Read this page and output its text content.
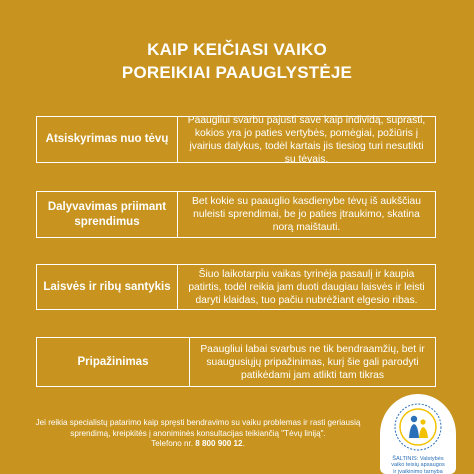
KAIP KEIČIASI VAIKO
POREIKIAI PAAUGLYSTĖJE
Atsiskyrimas nuo tėvų
Paaugliui svarbu pajusti save kaip individą, suprasti, kokios yra jo paties vertybės, pomėgiai, požiūris į įvairius dalykus, todėl kartais jis tiesiog turi nesutikti su tėvais.
Dalyvavimas priimant sprendimus
Bet kokie su paauglio kasdienybe tėvų iš aukščiau nuleisti sprendimai, be jo paties įtraukimo, skatina norą maištauti.
Laisvės ir ribų santykis
Šiuo laikotarpiu vaikas tyrinėja pasaulį ir kaupia patirtis, todėl reikia jam duoti daugiau laisvės ir leisti daryti klaidas, tuo pačiu nubrėžiant elgesio ribas.
Pripažinimas
Paaugliui labai svarbus ne tik bendraamžių, bet ir suaugusiųjų pripažinimas, kurį šie gali parodyti patikėdami jam atlikti tam tikras
Jei reikia specialistų patarimo kaip spręsti bendravimo su vaiku problemas ir rasti geriausią sprendimą, kreipkitės į anoniminės konsultacijas teikiančią "Tėvų liniją".
Telefono nr. 8 800 900 12.
ŠALTINIS: Valstybės
vaiko teisių apsaugos
ir įvaikinimo tarnyba
